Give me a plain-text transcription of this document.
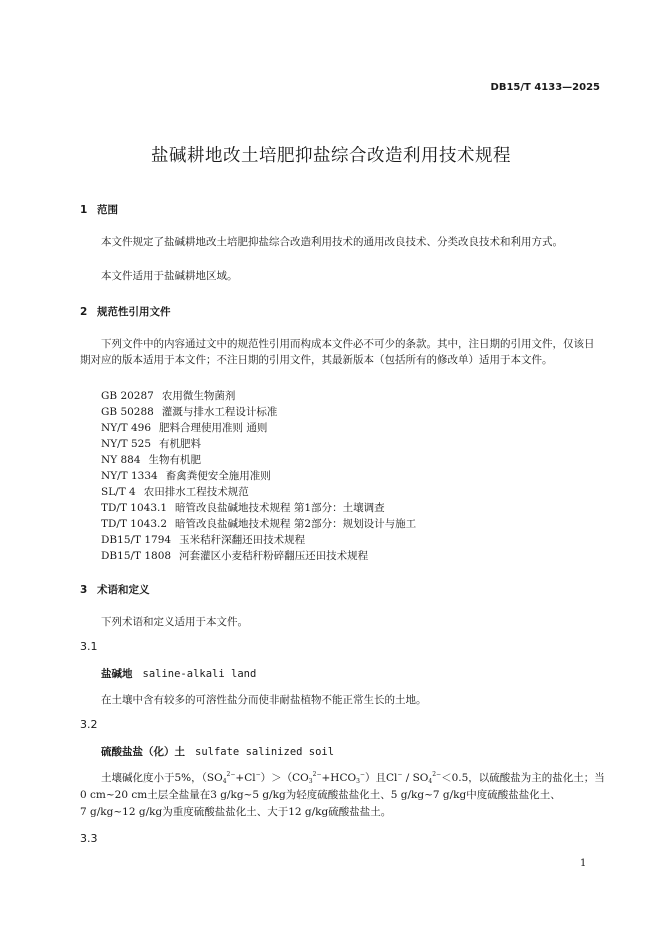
DB15/T 4133—2025
盐碱耕地改土培肥抑盐综合改造利用技术规程
1 范围
本文件规定了盐碱耕地改土培肥抑盐综合改造利用技术的通用改良技术、分类改良技术和利用方式。
本文件适用于盐碱耕地区域。
2 规范性引用文件
下列文件中的内容通过文中的规范性引用而构成本文件必不可少的条款。其中，注日期的引用文件，仅该日期对应的版本适用于本文件；不注日期的引用文件，其最新版本（包括所有的修改单）适用于本文件。
GB 20287 农用微生物菌剂
GB 50288 灌溉与排水工程设计标准
NY/T 496 肥料合理使用准则 通则
NY/T 525 有机肥料
NY 884 生物有机肥
NY/T 1334 畜禽粪便安全施用准则
SL/T 4 农田排水工程技术规范
TD/T 1043.1 暗管改良盐碱地技术规程 第1部分：土壤调查
TD/T 1043.2 暗管改良盐碱地技术规程 第2部分：规划设计与施工
DB15/T 1794 玉米秸秆深翻还田技术规程
DB15/T 1808 河套灌区小麦秸秆粉碎翻压还田技术规程
3 术语和定义
下列术语和定义适用于本文件。
3.1
盐碱地 saline-alkali land
在土壤中含有较多的可溶性盐分而使非耐盐植物不能正常生长的土地。
3.2
硫酸盐盐（化）土 sulfate salinized soil
土壤碱化度小于5%，$(SO_4^{2-}+Cl^-)>(CO_3^{2-}+HCO_3^-)$且$Cl^- / SO_4^{2-}<0.5$，以硫酸盐为主的盐化土；当
0 cm~20 cm土层全盐量在3 g/kg~5 g/kg为轻度硫酸盐盐化土、5 g/kg~7 g/kg中度硫酸盐盐化土、
7 g/kg~12 g/kg为重度硫酸盐盐化土、大于12 g/kg硫酸盐盐土。
3.3
1
